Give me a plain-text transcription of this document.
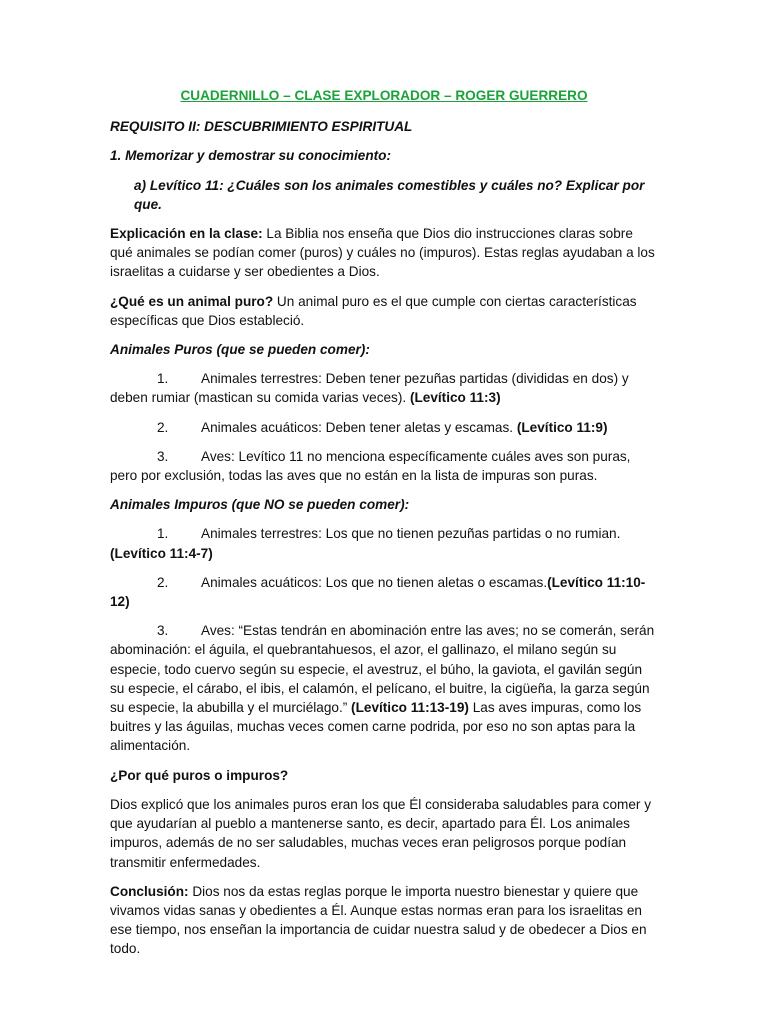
CUADERNILLO – CLASE EXPLORADOR – ROGER GUERRERO

REQUISITO II: DESCUBRIMIENTO ESPIRITUAL

1. Memorizar y demostrar su conocimiento:

a) Levítico 11: ¿Cuáles son los animales comestibles y cuáles no? Explicar por que.

Explicación en la clase: La Biblia nos enseña que Dios dio instrucciones claras sobre qué animales se podían comer (puros) y cuáles no (impuros). Estas reglas ayudaban a los israelitas a cuidarse y ser obedientes a Dios.

¿Qué es un animal puro? Un animal puro es el que cumple con ciertas características específicas que Dios estableció.

Animales Puros (que se pueden comer):

1. Animales terrestres: Deben tener pezuñas partidas (divididas en dos) y deben rumiar (mastican su comida varias veces). (Levítico 11:3)

2. Animales acuáticos: Deben tener aletas y escamas. (Levítico 11:9)

3. Aves: Levítico 11 no menciona específicamente cuáles aves son puras, pero por exclusión, todas las aves que no están en la lista de impuras son puras.

Animales Impuros (que NO se pueden comer):

1. Animales terrestres: Los que no tienen pezuñas partidas o no rumian. (Levítico 11:4-7)

2. Animales acuáticos: Los que no tienen aletas o escamas.(Levítico 11:10-12)

3. Aves: “Estas tendrán en abominación entre las aves; no se comerán, serán abominación: el águila, el quebrantahuesos, el azor, el gallinazo, el milano según su especie, todo cuervo según su especie, el avestruz, el búho, la gaviota, el gavilán según su especie, el cárabo, el ibis, el calamón, el pelícano, el buitre, la cigüeña, la garza según su especie, la abubilla y el murciélago.” (Levítico 11:13-19) Las aves impuras, como los buitres y las águilas, muchas veces comen carne podrida, por eso no son aptas para la alimentación.

¿Por qué puros o impuros?

Dios explicó que los animales puros eran los que Él consideraba saludables para comer y que ayudarían al pueblo a mantenerse santo, es decir, apartado para Él. Los animales impuros, además de no ser saludables, muchas veces eran peligrosos porque podían transmitir enfermedades.

Conclusión: Dios nos da estas reglas porque le importa nuestro bienestar y quiere que vivamos vidas sanas y obedientes a Él. Aunque estas normas eran para los israelitas en ese tiempo, nos enseñan la importancia de cuidar nuestra salud y de obedecer a Dios en todo.
